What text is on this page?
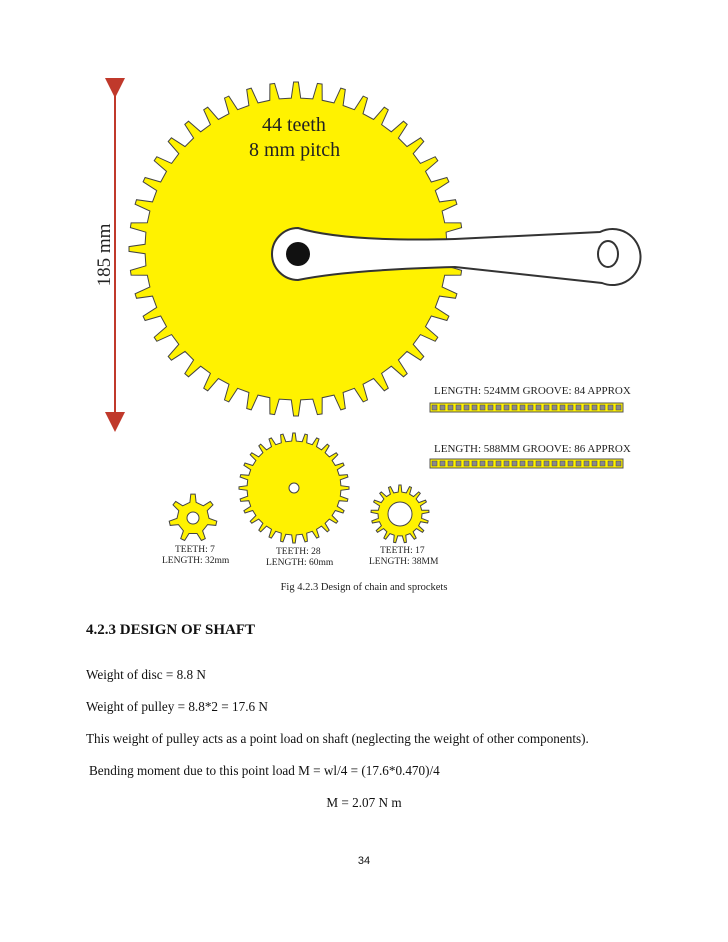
185 mm
44 teeth
8 mm pitch
LENGTH: 524MM GROOVE: 84 APPROX
LENGTH: 588MM GROOVE: 86 APPROX
TEETH: 7
LENGTH: 32mm
TEETH: 28
LENGTH: 60mm
TEETH: 17
LENGTH: 38MM
Fig 4.2.3 Design of chain and sprockets
4.2.3 DESIGN OF SHAFT
Weight of disc = 8.8 N
Weight of pulley = 8.8*2 = 17.6 N
This weight of pulley acts as a point load on shaft (neglecting the weight of other components).
Bending moment due to this point load M = wl/4 = (17.6*0.470)/4
M = 2.07 N m
34
